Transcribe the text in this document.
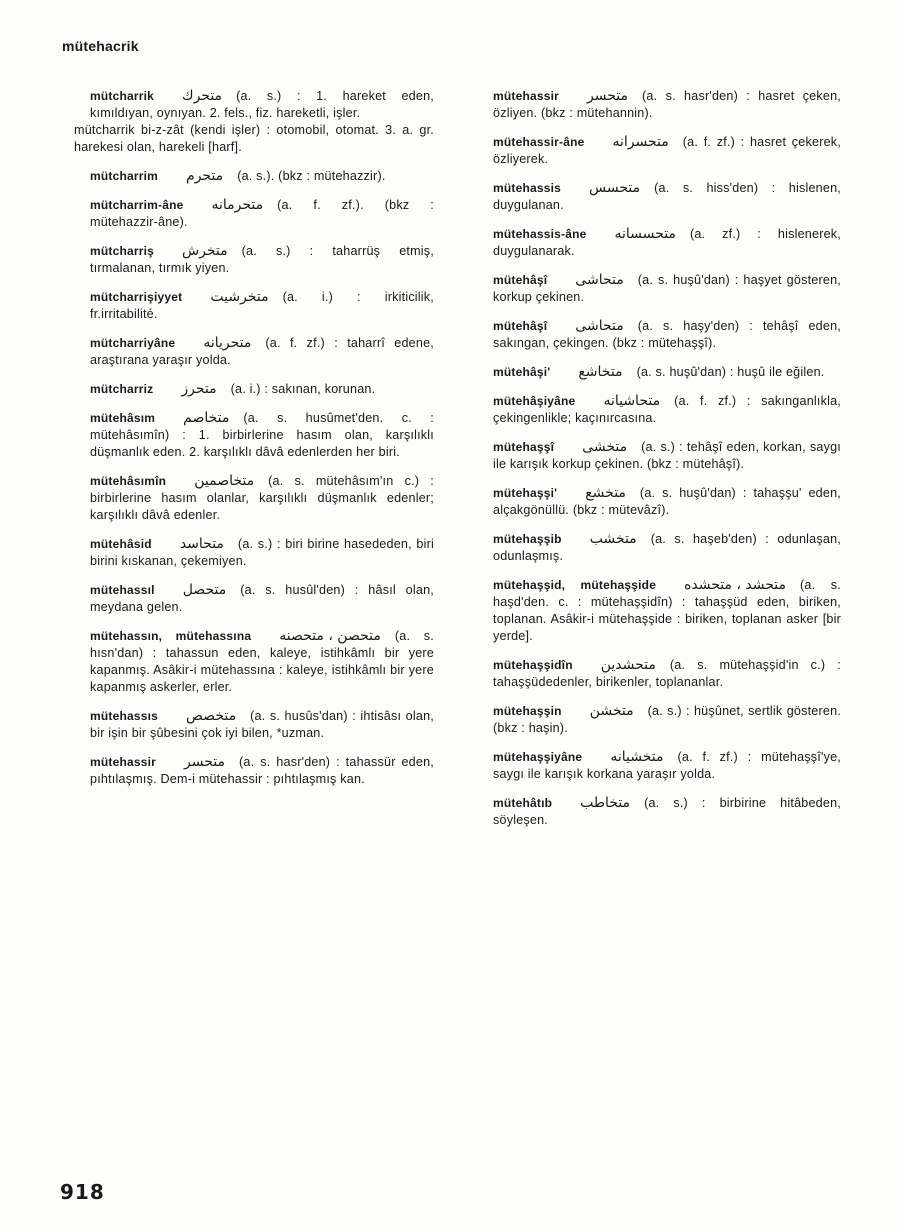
mütehacrik

mütcharrik متحرك (a. s.) : 1. hareket eden, kımıldıyan, oynıyan. 2. fels., fiz. hareketli, işler.

mütcharrik bi-z-zât (kendi işler) : otomobil, otomat. 3. a. gr. harekesi olan, harekeli [harf].

mütcharrim متحرم (a. s.). (bkz : mütehazzir).

mütcharrim-âne متحرمانه (a. f. zf.). (bkz : mütehazzir-âne).

mütcharriş متخرش (a. s.) : taharrüş etmiş, tırmalanan, tırmık yiyen.

mütcharrişiyyet متخرشيت (a. i.) : irkiticilik, fr.irritabilité.

mütcharriyâne متحريانه (a. f. zf.) : taharrî edene, araştırana yaraşır yolda.

mütcharriz متحرز (a. i.) : sakınan, korunan.

mütehâsım متخاصم (a. s. husûmet'den. c. : mütehâsımîn) : 1. birbirlerine hasım olan, karşılıklı düşmanlık eden. 2. karşılıklı dâvâ edenlerden her biri.

mütehâsımîn متخاصمين (a. s. mütehâsım'ın c.) : birbirlerine hasım olanlar, karşılıklı düşmanlık edenler; karşılıklı dâvâ edenler.

mütehâsid متحاسد (a. s.) : biri birine hasededen, biri birini kıskanan, çekemiyen.

mütehassıl متحصل (a. s. husûl'den) : hâsıl olan, meydana gelen.

mütehassın, mütehassına متحصن ، متحصنه (a. s. hısn'dan) : tahassun eden, kaleye, istihkâmlı bir yere kapanmış. Asâkir-i mütehassına : kaleye, istihkâmlı bir yere kapanmış askerler, erler.

mütehassıs متخصص (a. s. husûs'dan) : ihtisâsı olan, bir işin bir şûbesini çok iyi bilen, *uzman.

mütehassir متحسر (a. s. hasr'den) : tahassür eden, pıhtılaşmış. Dem-i mütehassir : pıhtılaşmış kan.

mütehassir متحسر (a. s. hasr'den) : hasret çeken, özliyen. (bkz : mütehannin).

mütehassir-âne متحسرانه (a. f. zf.) : hasret çekerek, özliyerek.

mütehassis متحسس (a. s. hiss'den) : hislenen, duygulanan.

mütehassis-âne متحسسانه (a. zf.) : hislenerek, duygulanarak.

mütehâşî متحاشى (a. s. huşû'dan) : haşyet gösteren, korkup çekinen.

mütehâşî متحاشى (a. s. haşy'den) : tehâşî eden, sakıngan, çekingen. (bkz : mütehaşşî).

mütehâşi' متخاشع (a. s. huşû'dan) : huşû ile eğilen.

mütehâşiyâne متحاشيانه (a. f. zf.) : sakınganlıkla, çekingenlikle; kaçınırcasına.

mütehaşşî متخشى (a. s.) : tehâşî eden, korkan, saygı ile karışık korkup çekinen. (bkz : mütehâşî).

mütehaşşi' متخشع (a. s. huşû'dan) : tahaşşu' eden, alçakgönüllü. (bkz : mütevâzî).

mütehaşşib متخشب (a. s. haşeb'den) : odunlaşan, odunlaşmış.

mütehaşşid, mütehaşşide متحشد ، متحشده (a. s. haşd'den. c. : mütehaşşidîn) : tahaşşüd eden, biriken, toplanan. Asâkir-i mütehaşşide : biriken, toplanan asker [bir yerde].

mütehaşşidîn متحشدين (a. s. mütehaşşid'in c.) : tahaşşüdedenler, birikenler, toplananlar.

mütehaşşin متخشن (a. s.) : hüşûnet, sertlik gösteren. (bkz : haşin).

mütehaşşiyâne متخشيانه (a. f. zf.) : mütehaşşî'ye, saygı ile karışık korkana yaraşır yolda.

mütehâtıb متخاطب (a. s.) : birbirine hitâbeden, söyleşen.

918
